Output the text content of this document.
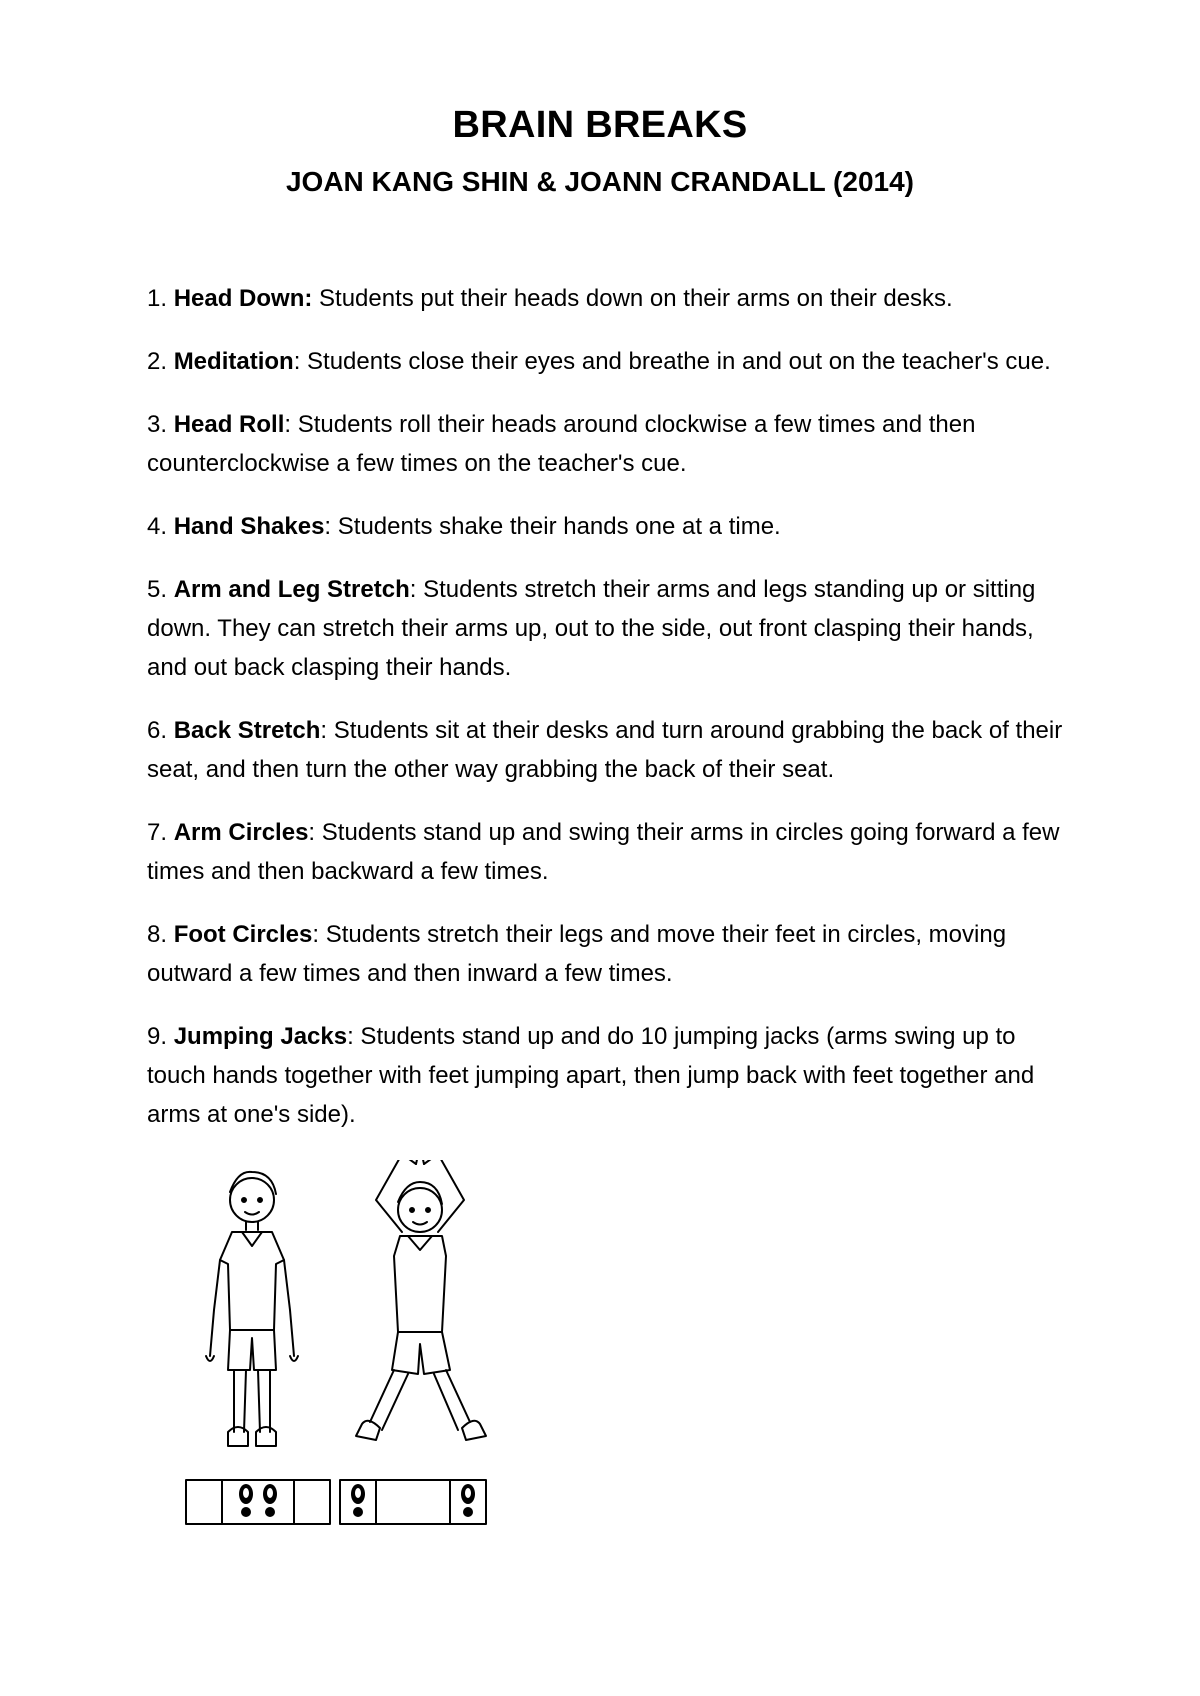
BRAIN BREAKS
JOAN KANG SHIN & JOANN CRANDALL (2014)

1. Head Down: Students put their heads down on their arms on their desks.

2. Meditation: Students close their eyes and breathe in and out on the teacher's cue.

3. Head Roll: Students roll their heads around clockwise a few times and then counterclockwise a few times on the teacher's cue.

4. Hand Shakes: Students shake their hands one at a time.

5. Arm and Leg Stretch: Students stretch their arms and legs standing up or sitting down. They can stretch their arms up, out to the side, out front clasping their hands, and out back clasping their hands.

6. Back Stretch: Students sit at their desks and turn around grabbing the back of their seat, and then turn the other way grabbing the back of their seat.

7. Arm Circles: Students stand up and swing their arms in circles going forward a few times and then backward a few times.

8. Foot Circles: Students stretch their legs and move their feet in circles, moving outward a few times and then inward a few times.

9. Jumping Jacks: Students stand up and do 10 jumping jacks (arms swing up to touch hands together with feet jumping apart, then jump back with feet together and arms at one's side).
